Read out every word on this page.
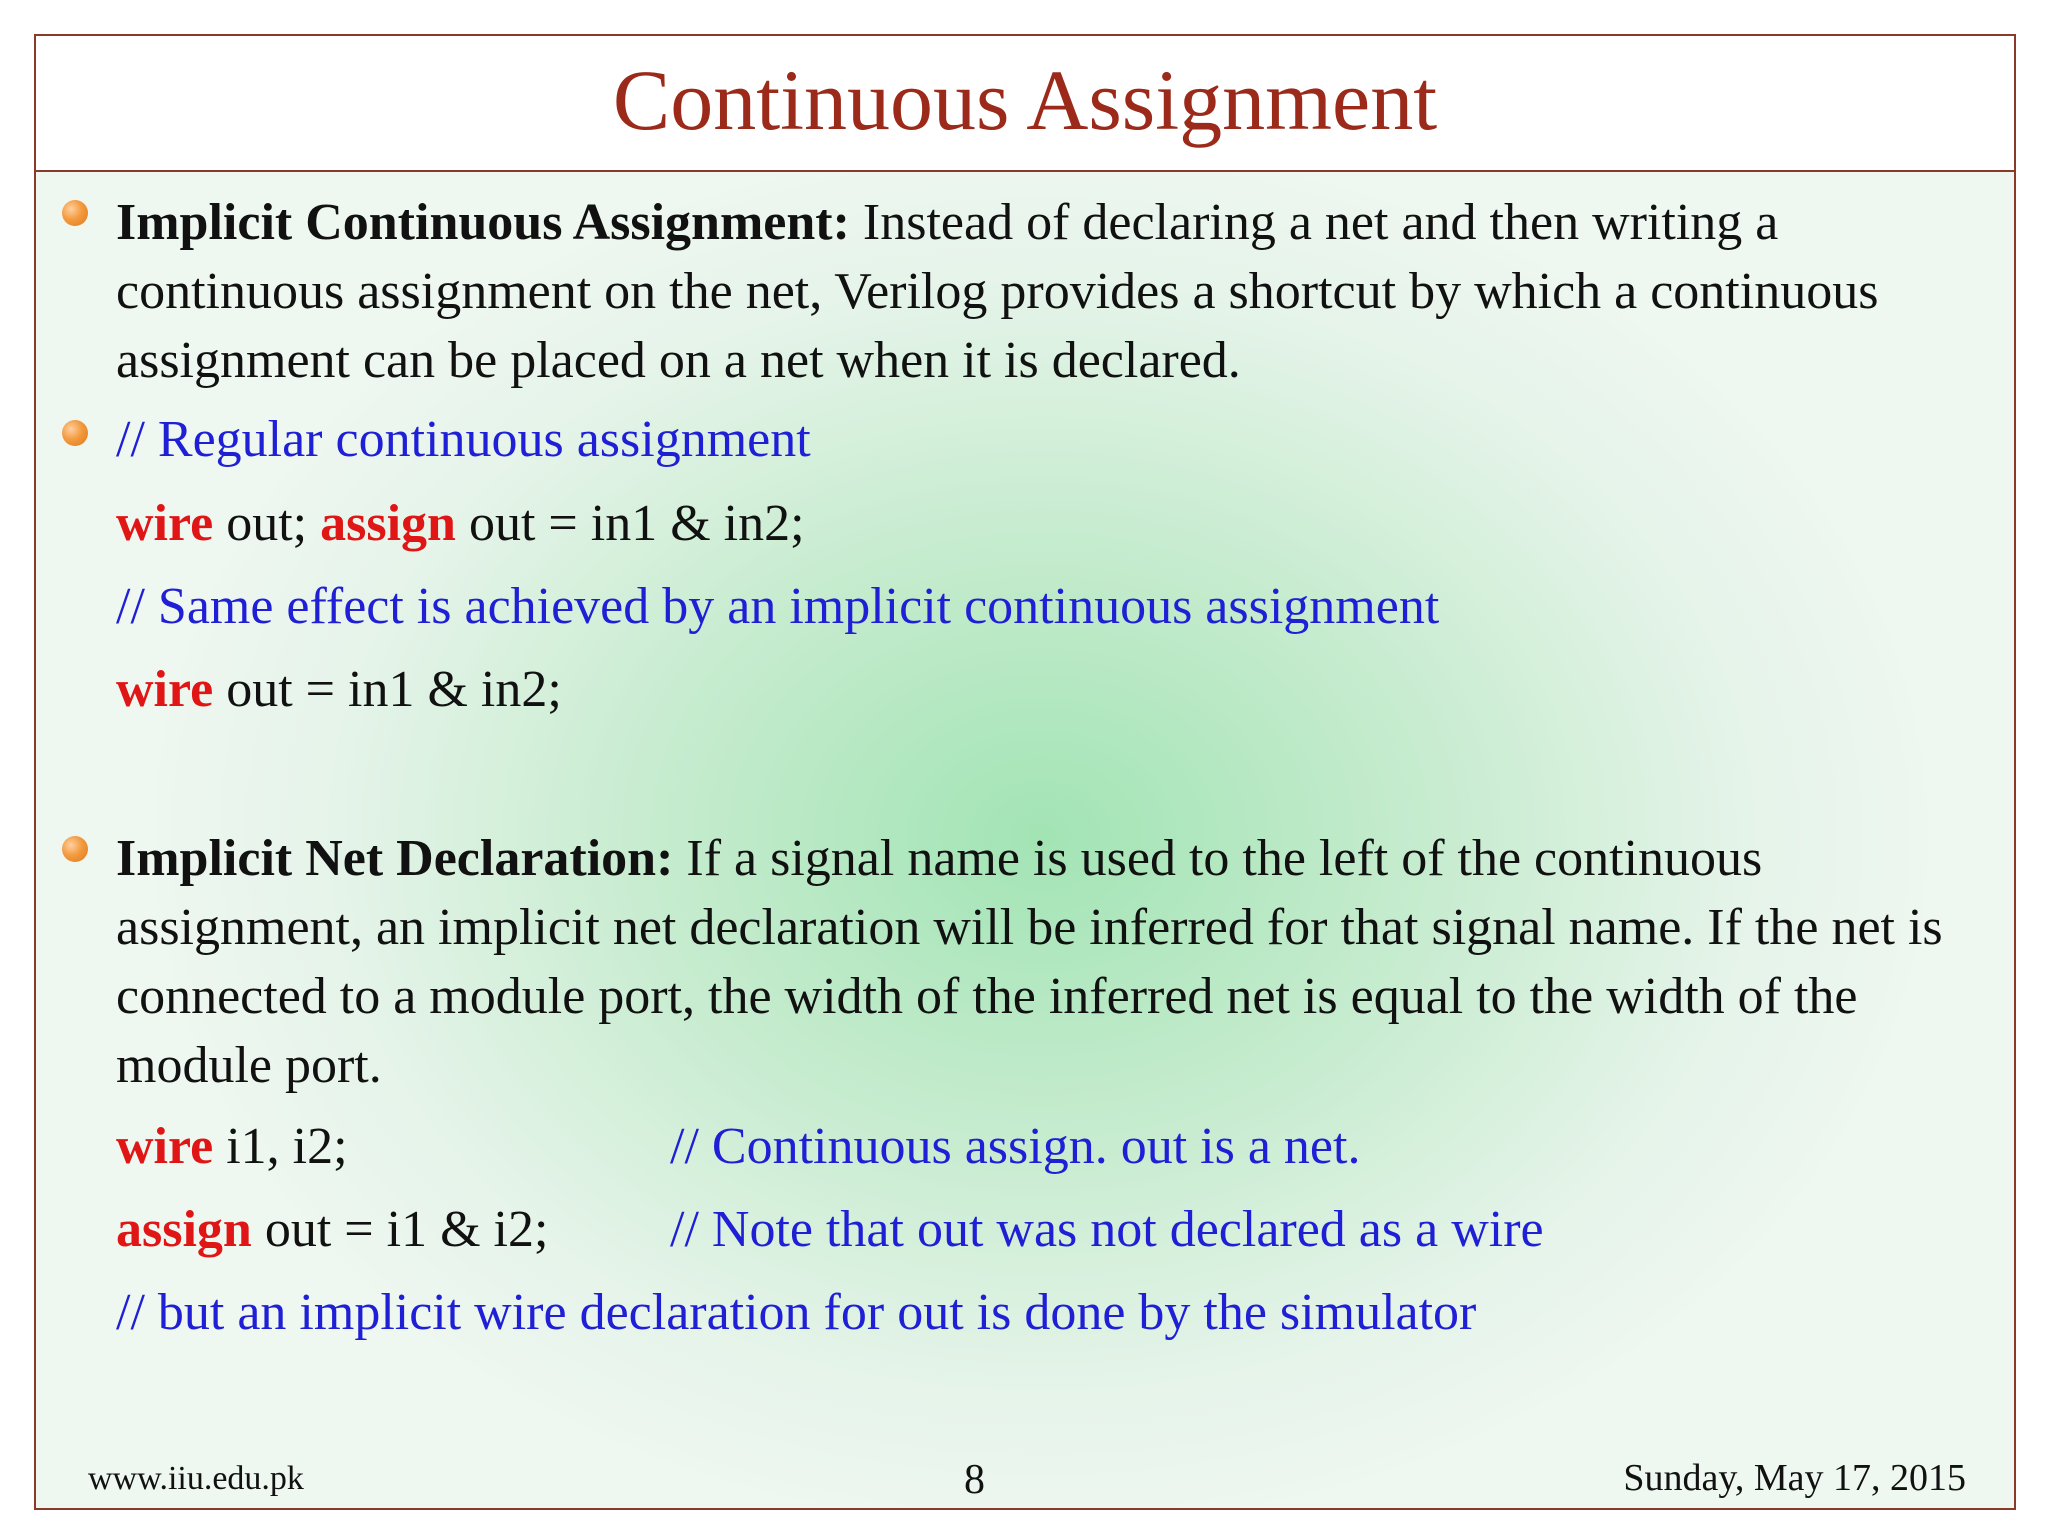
Continuous Assignment

Implicit Continuous Assignment: Instead of declaring a net and then writing a continuous assignment on the net, Verilog provides a shortcut by which a continuous assignment can be placed on a net when it is declared.

// Regular continuous assignment
wire out; assign out = in1 & in2;
// Same effect is achieved by an implicit continuous assignment
wire out = in1 & in2;

Implicit Net Declaration: If a signal name is used to the left of the continuous assignment, an implicit net declaration will be inferred for that signal name. If the net is connected to a module port, the width of the inferred net is equal to the width of the module port.

wire i1, i2;	// Continuous assign. out is a net.
assign out = i1 & i2; // Note that out was not declared as a wire
// but an implicit wire declaration for out is done by the simulator
www.iiu.edu.pk	8	Sunday, May 17, 2015
